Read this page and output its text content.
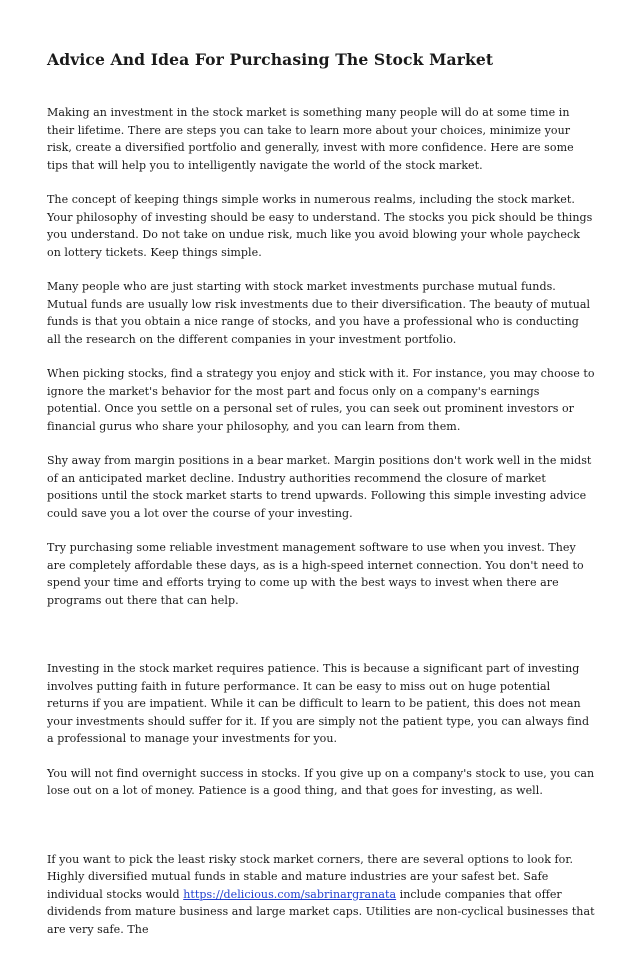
Advice And Idea For Purchasing The Stock Market

Making an investment in the stock market is something many people will do at some time in their lifetime. There are steps you can take to learn more about your choices, minimize your risk, create a diversified portfolio and generally, invest with more confidence. Here are some tips that will help you to intelligently navigate the world of the stock market.

The concept of keeping things simple works in numerous realms, including the stock market. Your philosophy of investing should be easy to understand. The stocks you pick should be things you understand. Do not take on undue risk, much like you avoid blowing your whole paycheck on lottery tickets. Keep things simple.

Many people who are just starting with stock market investments purchase mutual funds. Mutual funds are usually low risk investments due to their diversification. The beauty of mutual funds is that you obtain a nice range of stocks, and you have a professional who is conducting all the research on the different companies in your investment portfolio.

When picking stocks, find a strategy you enjoy and stick with it. For instance, you may choose to ignore the market's behavior for the most part and focus only on a company's earnings potential. Once you settle on a personal set of rules, you can seek out prominent investors or financial gurus who share your philosophy, and you can learn from them.

Shy away from margin positions in a bear market. Margin positions don't work well in the midst of an anticipated market decline. Industry authorities recommend the closure of market positions until the stock market starts to trend upwards. Following this simple investing advice could save you a lot over the course of your investing.

Try purchasing some reliable investment management software to use when you invest. They are completely affordable these days, as is a high-speed internet connection. You don't need to spend your time and efforts trying to come up with the best ways to invest when there are programs out there that can help.

Investing in the stock market requires patience. This is because a significant part of investing involves putting faith in future performance. It can be easy to miss out on huge potential returns if you are impatient. While it can be difficult to learn to be patient, this does not mean your investments should suffer for it. If you are simply not the patient type, you can always find a professional to manage your investments for you.

You will not find overnight success in stocks. If you give up on a company's stock to use, you can lose out on a lot of money. Patience is a good thing, and that goes for investing, as well.

If you want to pick the least risky stock market corners, there are several options to look for. Highly diversified mutual funds in stable and mature industries are your safest bet. Safe individual stocks would https://delicious.com/sabrinargranata include companies that offer dividends from mature business and large market caps. Utilities are non-cyclical businesses that are very safe. The
